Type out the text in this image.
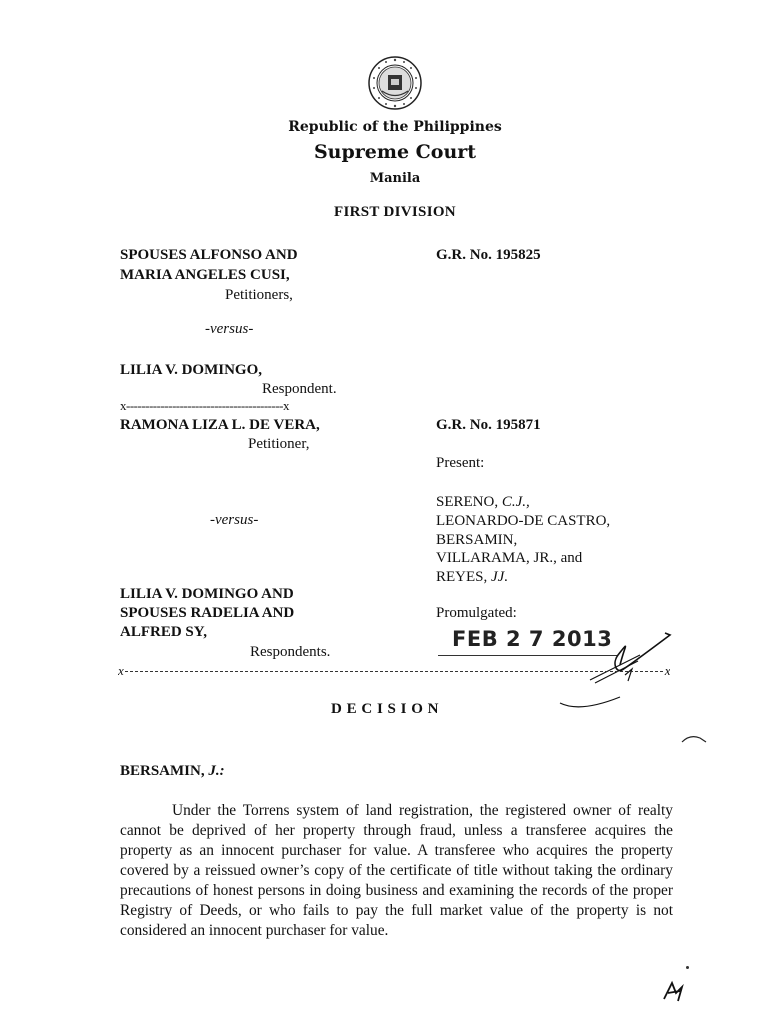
Republic of the Philippines
Supreme Court
Manila
FIRST DIVISION
SPOUSES ALFONSO AND
MARIA ANGELES CUSI,
Petitioners,
-versus-
LILIA V. DOMINGO,
Respondent.
G.R. No. 195825
x-----------------------------------------x
RAMONA LIZA L. DE VERA,
Petitioner,
-versus-
LILIA V. DOMINGO AND
SPOUSES RADELIA AND
ALFRED SY,
Respondents.
G.R. No. 195871
Present:
SERENO, C.J.,
LEONARDO-DE CASTRO,
BERSAMIN,
VILLARAMA, JR., and
REYES, JJ.
Promulgated:
FEB 2 7 2013
x	x
D E C I S I O N
BERSAMIN, J.:
Under the Torrens system of land registration, the registered owner of realty cannot be deprived of her property through fraud, unless a transferee acquires the property as an innocent purchaser for value. A transferee who acquires the property covered by a reissued owner’s copy of the certificate of title without taking the ordinary precautions of honest persons in doing business and examining the records of the proper Registry of Deeds, or who fails to pay the full market value of the property is not considered an innocent purchaser for value.
